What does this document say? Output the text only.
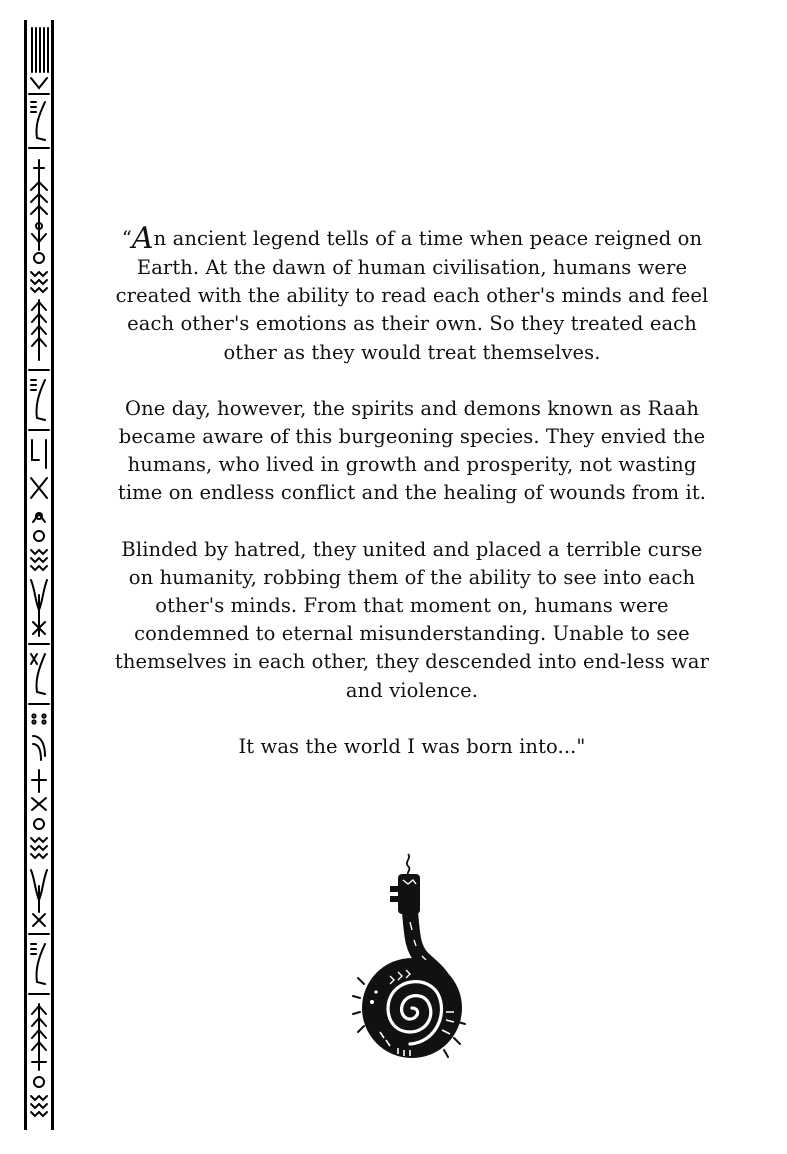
“An ancient legend tells of a time when peace reigned on Earth. At the dawn of human civilisation, humans were created with the ability to read each other's minds and feel each other's emotions as their own. So they treated each other as they would treat themselves.

One day, however, the spirits and demons known as Raah became aware of this burgeoning species. They envied the humans, who lived in growth and prosperity, not wasting time on endless conflict and the healing of wounds from it.

Blinded by hatred, they united and placed a terrible curse on humanity, robbing them of the ability to see into each other's minds. From that moment on, humans were condemned to eternal misunderstanding. Unable to see themselves in each other, they descended into end-less war and violence.

It was the world I was born into..."
